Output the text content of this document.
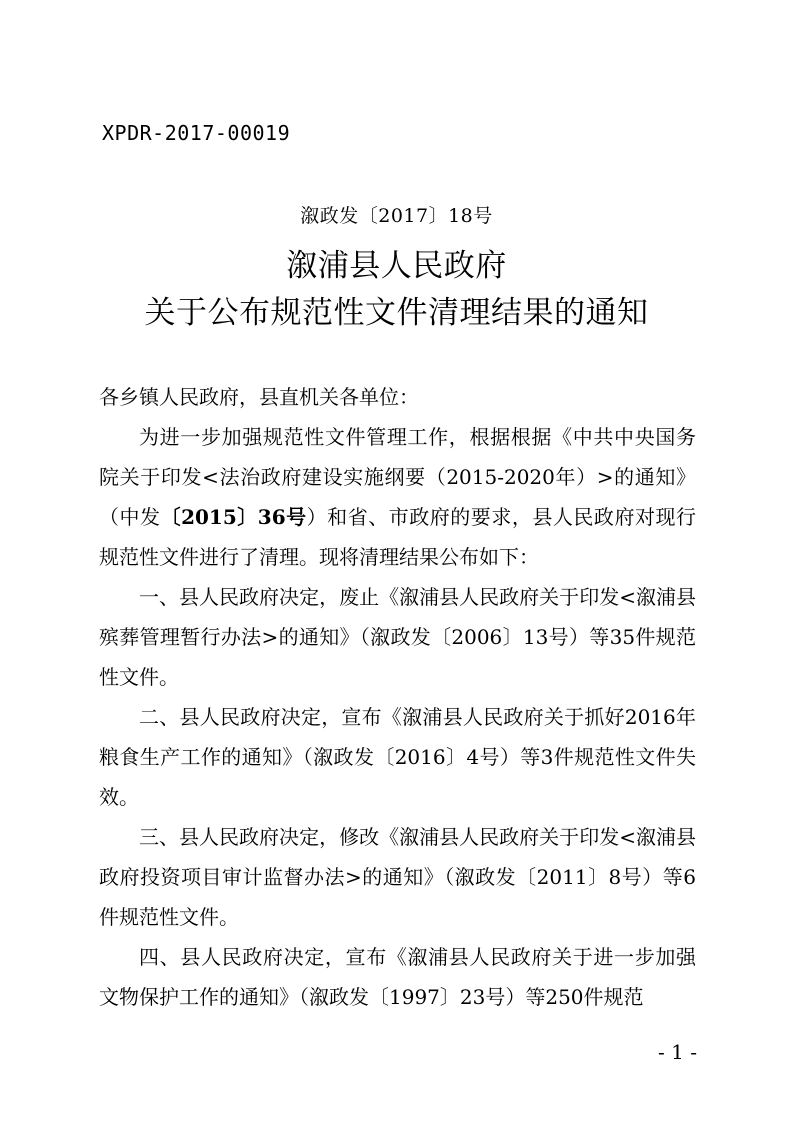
XPDR-2017-00019
溆政发〔2017〕18号
溆浦县人民政府
关于公布规范性文件清理结果的通知

各乡镇人民政府，县直机关各单位：

为进一步加强规范性文件管理工作，根据根据《中共中央国务院关于印发<法治政府建设实施纲要（2015-2020年）>的通知》（中发〔2015〕36号）和省、市政府的要求，县人民政府对现行规范性文件进行了清理。现将清理结果公布如下：

一、县人民政府决定，废止《溆浦县人民政府关于印发<溆浦县殡葬管理暂行办法>的通知》（溆政发〔2006〕13号）等35件规范性文件。

二、县人民政府决定，宣布《溆浦县人民政府关于抓好2016年粮食生产工作的通知》（溆政发〔2016〕4号）等3件规范性文件失效。

三、县人民政府决定，修改《溆浦县人民政府关于印发<溆浦县政府投资项目审计监督办法>的通知》（溆政发〔2011〕8号）等6件规范性文件。

四、县人民政府决定，宣布《溆浦县人民政府关于进一步加强文物保护工作的通知》（溆政发〔1997〕23号）等250件规范

- 1 -
